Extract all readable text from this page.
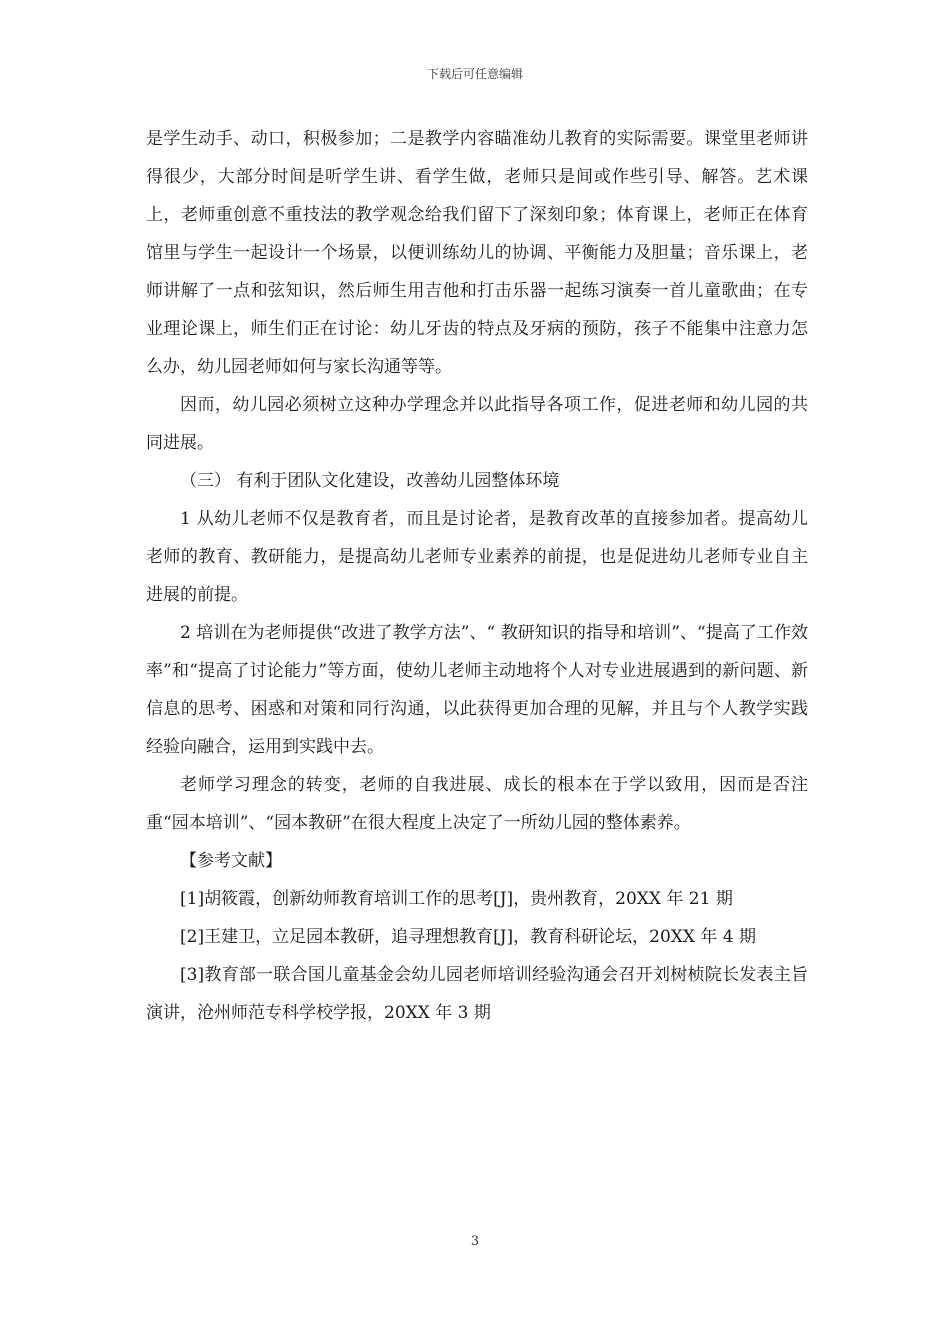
下载后可任意编辑

是学生动手、动口，积极参加；二是教学内容瞄准幼儿教育的实际需要。课堂里老师讲得很少，大部分时间是听学生讲、看学生做，老师只是间或作些引导、解答。艺术课上，老师重创意不重技法的教学观念给我们留下了深刻印象；体育课上，老师正在体育馆里与学生一起设计一个场景，以便训练幼儿的协调、平衡能力及胆量；音乐课上，老师讲解了一点和弦知识，然后师生用吉他和打击乐器一起练习演奏一首儿童歌曲；在专业理论课上，师生们正在讨论：幼儿牙齿的特点及牙病的预防，孩子不能集中注意力怎么办，幼儿园老师如何与家长沟通等等。

因而，幼儿园必须树立这种办学理念并以此指导各项工作，促进老师和幼儿园的共同进展。

（三） 有利于团队文化建设，改善幼儿园整体环境

1 从幼儿老师不仅是教育者，而且是讨论者，是教育改革的直接参加者。提高幼儿老师的教育、教研能力，是提高幼儿老师专业素养的前提，也是促进幼儿老师专业自主进展的前提。

2 培训在为老师提供“改进了教学方法”、“ 教研知识的指导和培训”、“提高了工作效率”和“提高了讨论能力”等方面，使幼儿老师主动地将个人对专业进展遇到的新问题、新信息的思考、困惑和对策和同行沟通，以此获得更加合理的见解，并且与个人教学实践经验向融合，运用到实践中去。

老师学习理念的转变，老师的自我进展、成长的根本在于学以致用，因而是否注重“园本培训”、“园本教研”在很大程度上决定了一所幼儿园的整体素养。

【参考文献】

[1]胡筱霞，创新幼师教育培训工作的思考[J]，贵州教育，20XX 年 21 期

[2]王建卫，立足园本教研，追寻理想教育[J]，教育科研论坛，20XX 年 4 期

[3]教育部一联合国儿童基金会幼儿园老师培训经验沟通会召开刘树桢院长发表主旨演讲，沧州师范专科学校学报，20XX 年 3 期

3
